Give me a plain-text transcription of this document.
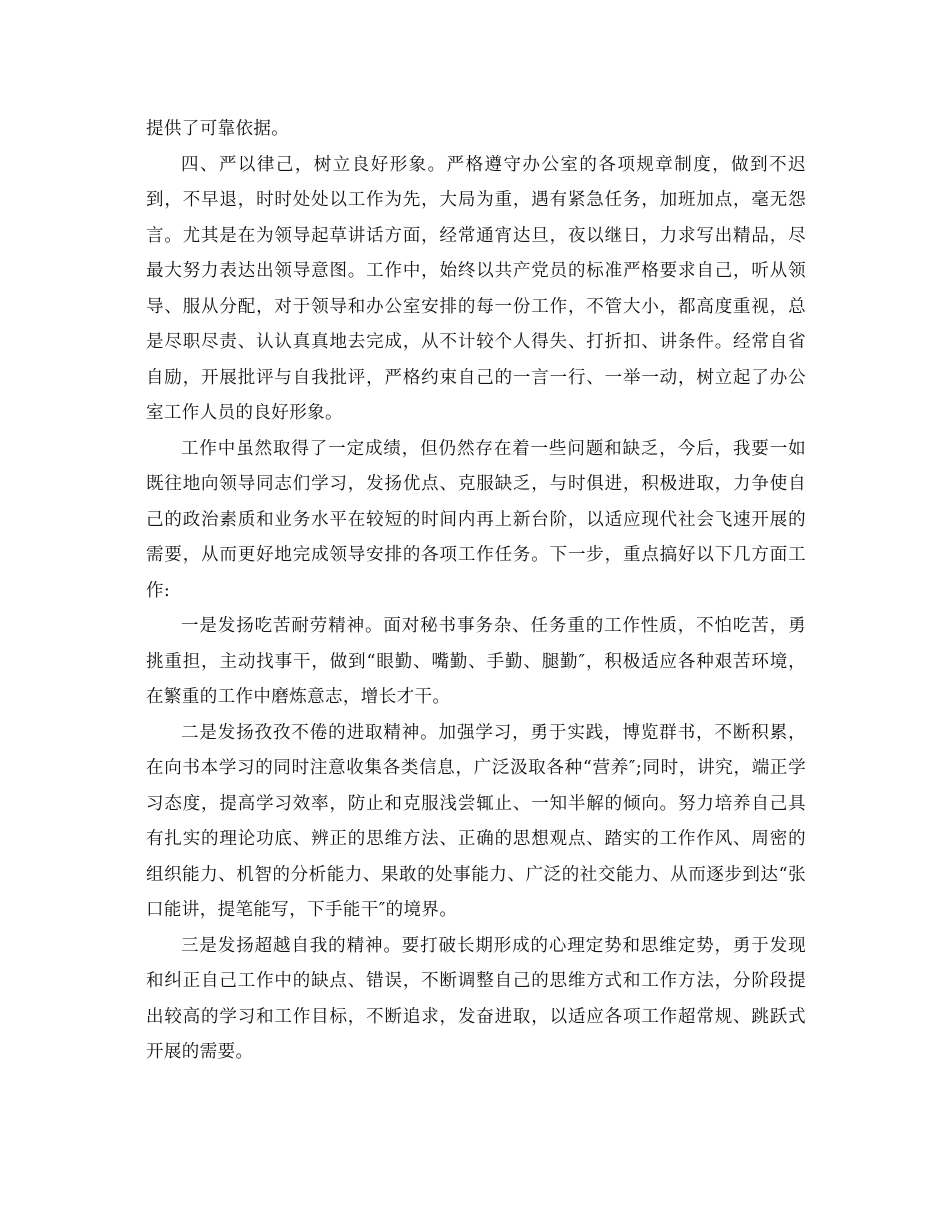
提供了可靠依据。

四、严以律己，树立良好形象。严格遵守办公室的各项规章制度，做到不迟到，不早退，时时处处以工作为先，大局为重，遇有紧急任务，加班加点，毫无怨言。尤其是在为领导起草讲话方面，经常通宵达旦，夜以继日，力求写出精品，尽最大努力表达出领导意图。工作中，始终以共产党员的标准严格要求自己，听从领导、服从分配，对于领导和办公室安排的每一份工作，不管大小，都高度重视，总是尽职尽责、认认真真地去完成，从不计较个人得失、打折扣、讲条件。经常自省自励，开展批评与自我批评，严格约束自己的一言一行、一举一动，树立起了办公室工作人员的良好形象。

工作中虽然取得了一定成绩，但仍然存在着一些问题和缺乏，今后，我要一如既往地向领导同志们学习，发扬优点、克服缺乏，与时俱进，积极进取，力争使自己的政治素质和业务水平在较短的时间内再上新台阶，以适应现代社会飞速开展的需要，从而更好地完成领导安排的各项工作任务。下一步，重点搞好以下几方面工作:

一是发扬吃苦耐劳精神。面对秘书事务杂、任务重的工作性质，不怕吃苦，勇挑重担，主动找事干，做到“眼勤、嘴勤、手勤、腿勤″，积极适应各种艰苦环境，在繁重的工作中磨炼意志，增长才干。

二是发扬孜孜不倦的进取精神。加强学习，勇于实践，博览群书，不断积累，在向书本学习的同时注意收集各类信息，广泛汲取各种“营养″;同时，讲究，端正学习态度，提高学习效率，防止和克服浅尝辄止、一知半解的倾向。努力培养自己具有扎实的理论功底、辨正的思维方法、正确的思想观点、踏实的工作作风、周密的组织能力、机智的分析能力、果敢的处事能力、广泛的社交能力、从而逐步到达“张口能讲，提笔能写，下手能干″的境界。

三是发扬超越自我的精神。要打破长期形成的心理定势和思维定势，勇于发现和纠正自己工作中的缺点、错误，不断调整自己的思维方式和工作方法，分阶段提出较高的学习和工作目标，不断追求，发奋进取，以适应各项工作超常规、跳跃式开展的需要。
